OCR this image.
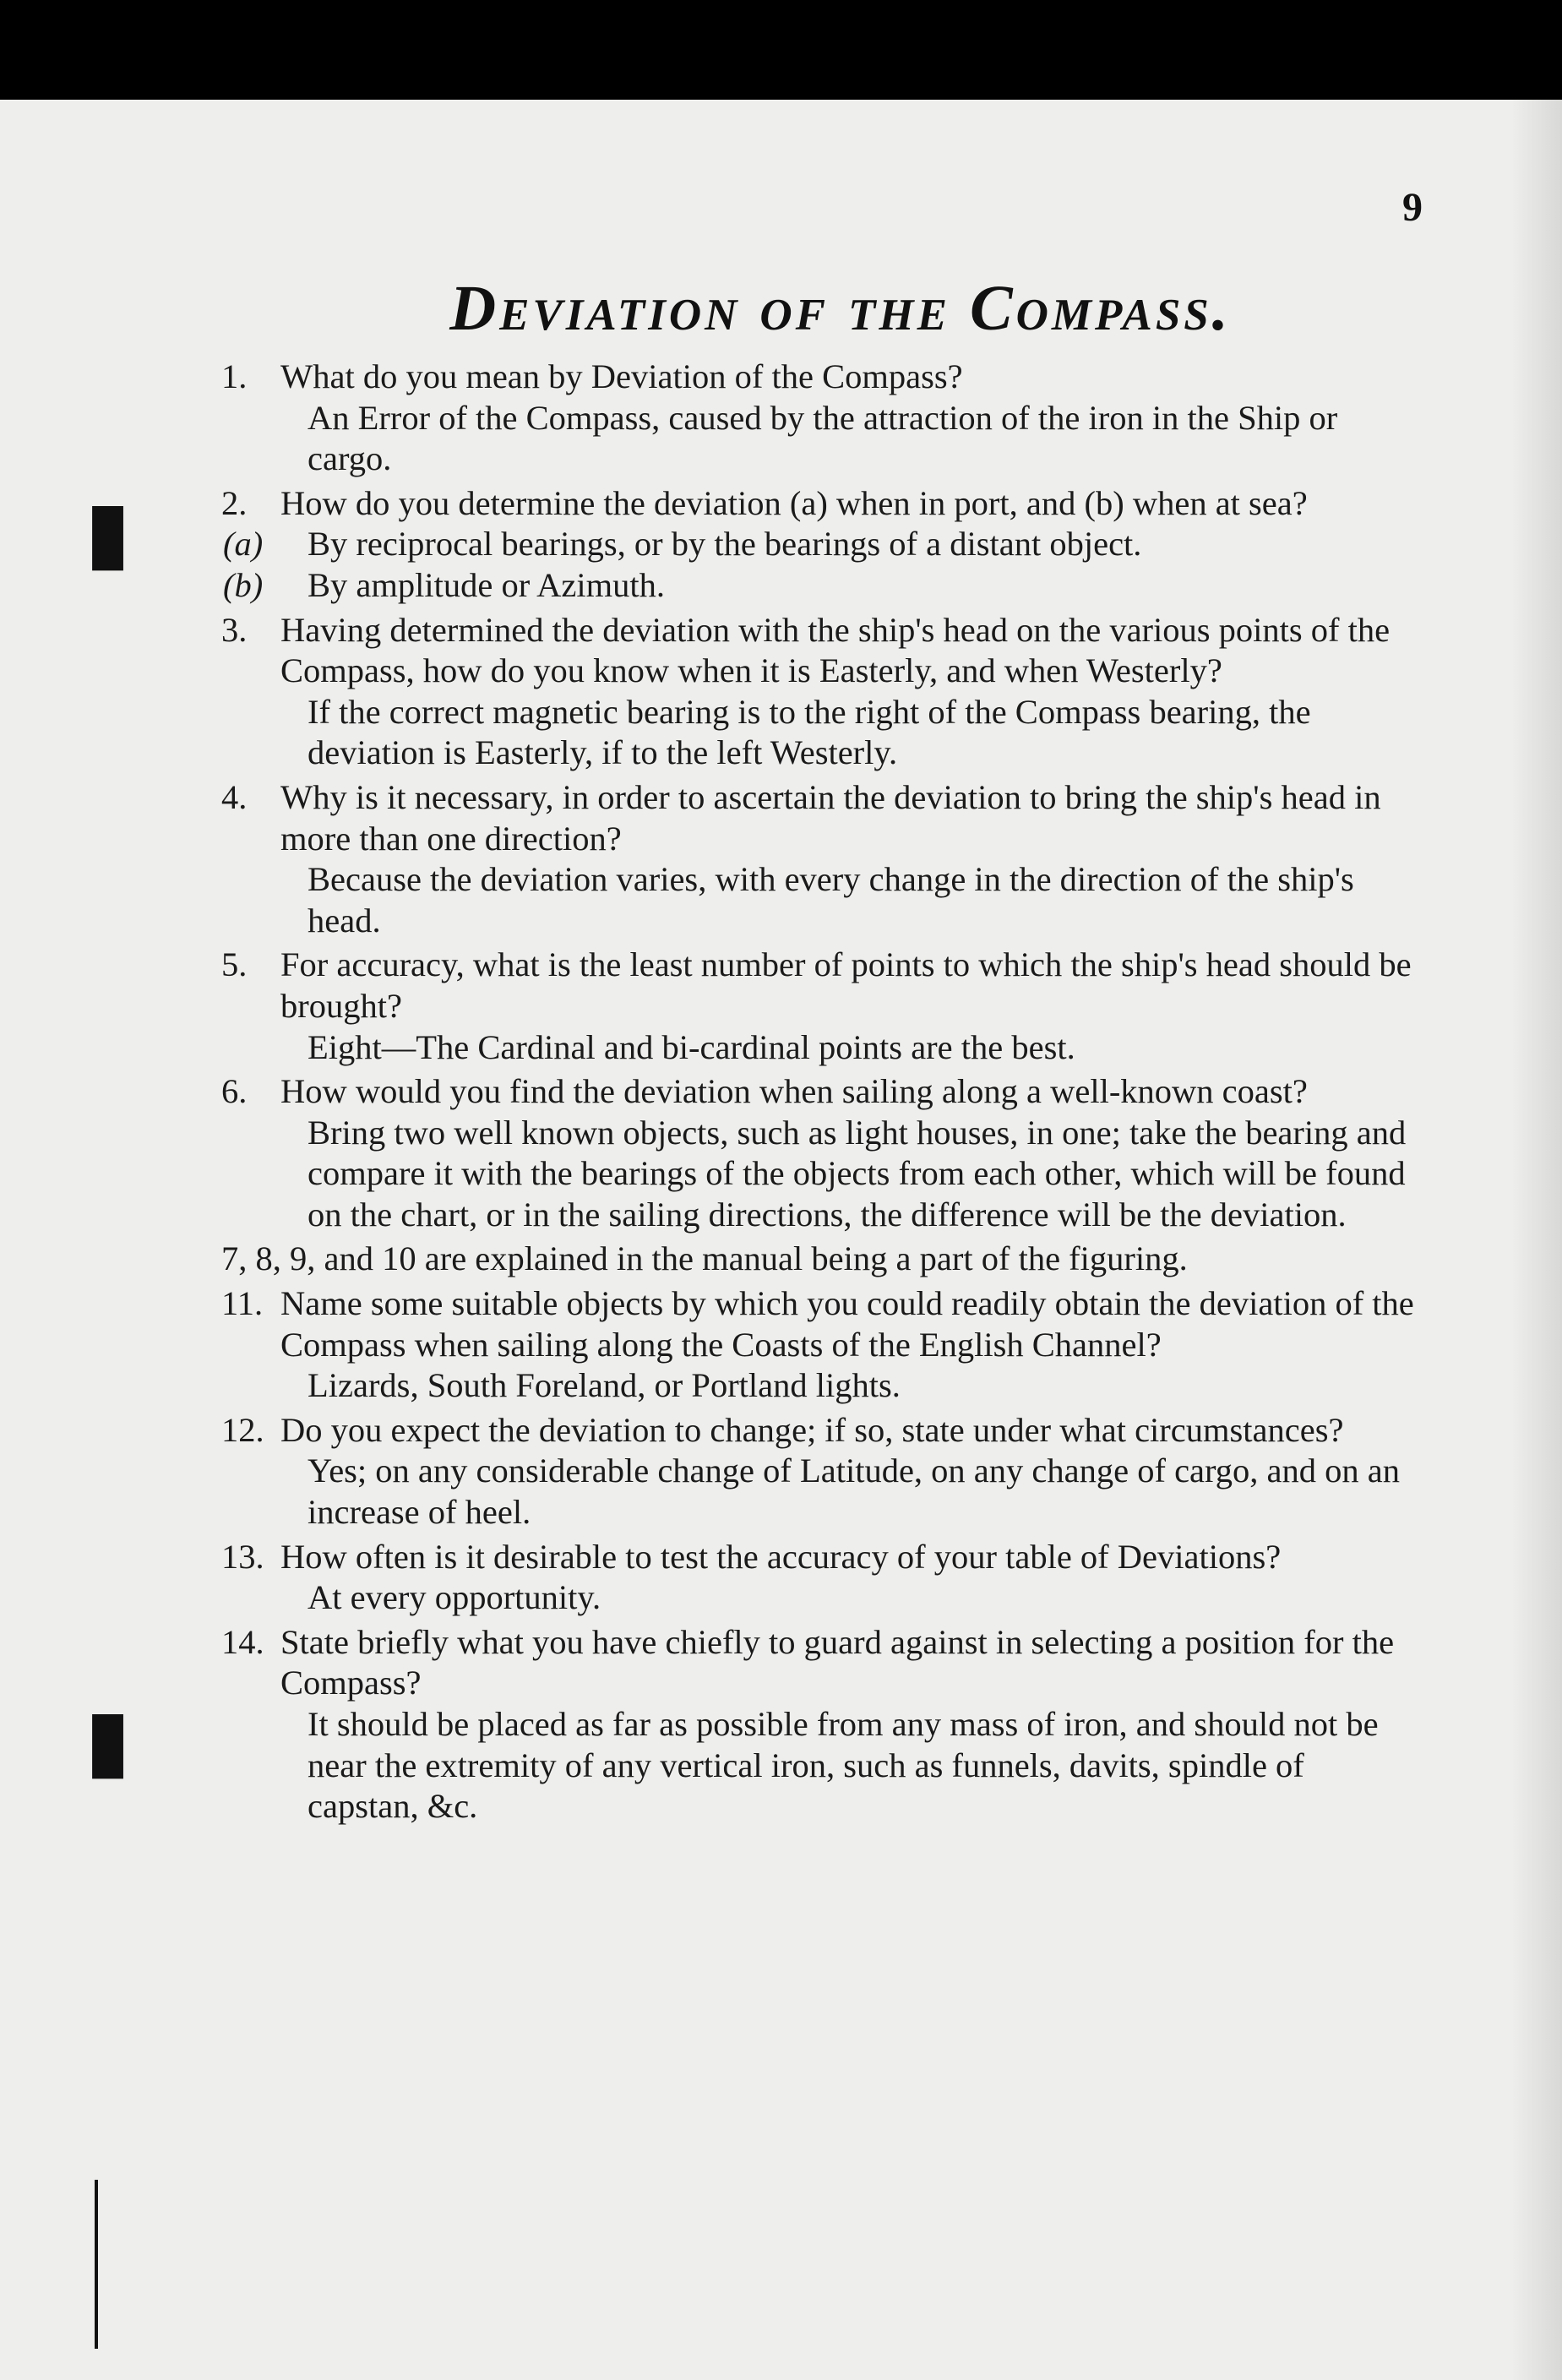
▮
▮
9
Deviation of the Compass.
1. What do you mean by Deviation of the Compass?
An Error of the Compass, caused by the attraction of the iron in the Ship or cargo.
2. How do you determine the deviation (a) when in port, and (b) when at sea?
(a) By reciprocal bearings, or by the bearings of a distant object.
(b) By amplitude or Azimuth.
3. Having determined the deviation with the ship's head on the various points of the Compass, how do you know when it is Easterly, and when Westerly?
If the correct magnetic bearing is to the right of the Compass bearing, the deviation is Easterly, if to the left Westerly.
4. Why is it necessary, in order to ascertain the deviation to bring the ship's head in more than one direction?
Because the deviation varies, with every change in the direction of the ship's head.
5. For accuracy, what is the least number of points to which the ship's head should be brought?
Eight—The Cardinal and bi-cardinal points are the best.
6. How would you find the deviation when sailing along a well-known coast?
Bring two well known objects, such as light houses, in one; take the bearing and compare it with the bearings of the objects from each other, which will be found on the chart, or in the sailing directions, the difference will be the deviation.
7, 8, 9, and 10 are explained in the manual being a part of the figuring.
11. Name some suitable objects by which you could readily obtain the deviation of the Compass when sailing along the Coasts of the English Channel?
Lizards, South Foreland, or Portland lights.
12. Do you expect the deviation to change; if so, state under what circumstances?
Yes; on any considerable change of Latitude, on any change of cargo, and on an increase of heel.
13. How often is it desirable to test the accuracy of your table of Deviations?
At every opportunity.
14. State briefly what you have chiefly to guard against in selecting a position for the Compass?
It should be placed as far as possible from any mass of iron, and should not be near the extremity of any vertical iron, such as funnels, davits, spindle of capstan, &c.
